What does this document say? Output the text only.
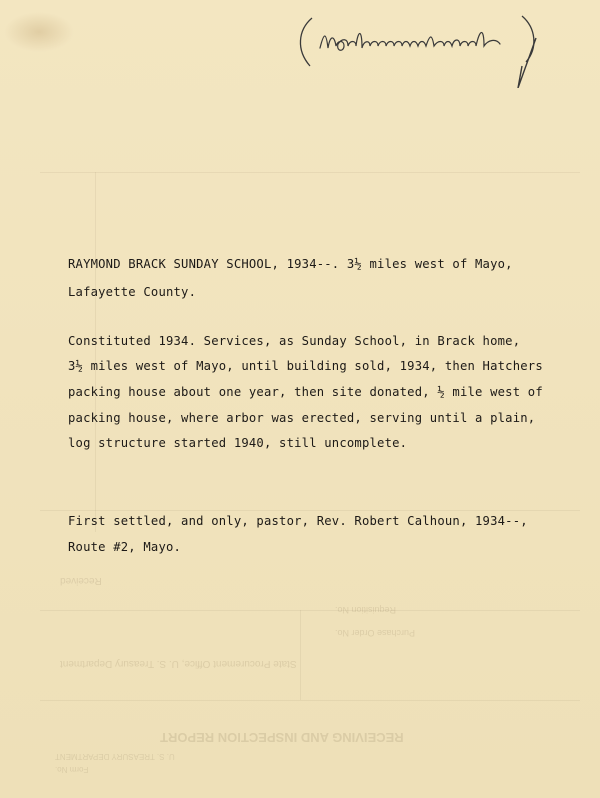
RECEIVING AND INSPECTION REPORT
State Procurement Office, U. S. Treasury Department
U. S. TREASURY DEPARTMENT
Form No.
Received
Purchase Order No.
Requisition No.
RAYMOND BRACK SUNDAY SCHOOL, 1934--. 3½ miles west of Mayo,
Lafayette County.
Constituted 1934. Services, as Sunday School, in Brack home,
3½ miles west of Mayo, until building sold, 1934, then Hatchers
packing house about one year, then site donated, ½ mile west of
packing house, where arbor was erected, serving until a plain,
log structure started 1940, still uncomplete.
First settled, and only, pastor, Rev. Robert Calhoun, 1934--,
Route #2, Mayo.
